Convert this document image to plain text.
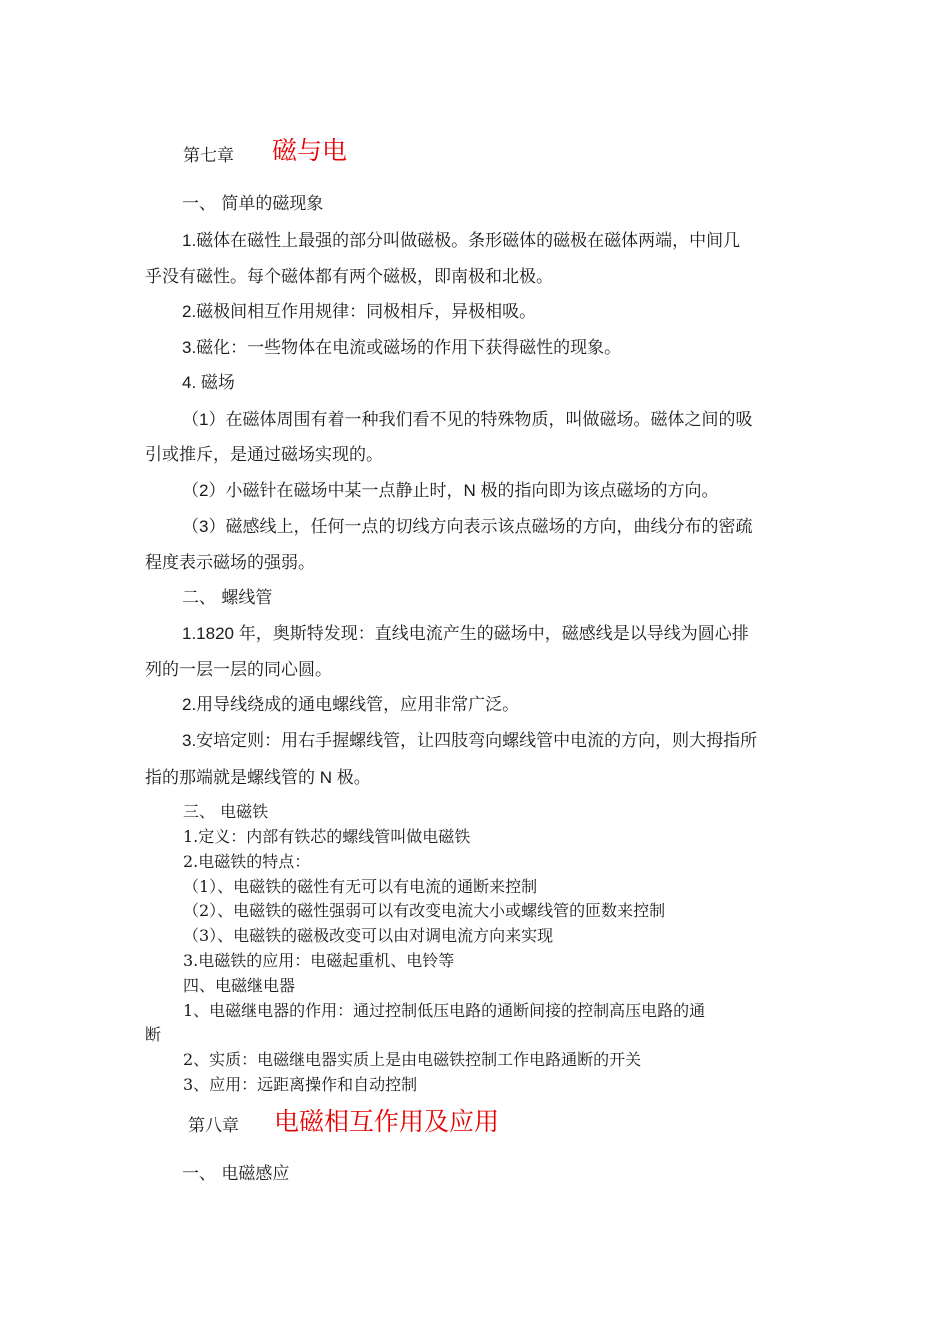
第七章 磁与电
一、 简单的磁现象
1.磁体在磁性上最强的部分叫做磁极。条形磁体的磁极在磁体两端，中间几
乎没有磁性。每个磁体都有两个磁极，即南极和北极。
2.磁极间相互作用规律：同极相斥，异极相吸。
3.磁化：一些物体在电流或磁场的作用下获得磁性的现象。
4. 磁场
（1）在磁体周围有着一种我们看不见的特殊物质，叫做磁场。磁体之间的吸
引或推斥，是通过磁场实现的。
（2）小磁针在磁场中某一点静止时，N 极的指向即为该点磁场的方向。
（3）磁感线上，任何一点的切线方向表示该点磁场的方向，曲线分布的密疏
程度表示磁场的强弱。
二、 螺线管
1.1820 年，奥斯特发现：直线电流产生的磁场中，磁感线是以导线为圆心排
列的一层一层的同心圆。
2.用导线绕成的通电螺线管，应用非常广泛。
3.安培定则：用右手握螺线管，让四肢弯向螺线管中电流的方向，则大拇指所
指的那端就是螺线管的 N 极。
三、 电磁铁
1.定义：内部有铁芯的螺线管叫做电磁铁
2.电磁铁的特点：
（1）、电磁铁的磁性有无可以有电流的通断来控制
（2）、电磁铁的磁性强弱可以有改变电流大小或螺线管的匝数来控制
（3）、电磁铁的磁极改变可以由对调电流方向来实现
3.电磁铁的应用：电磁起重机、电铃等
四、电磁继电器
1、电磁继电器的作用：通过控制低压电路的通断间接的控制高压电路的通
断
2、实质：电磁继电器实质上是由电磁铁控制工作电路通断的开关
3、应用：远距离操作和自动控制
第八章 电磁相互作用及应用
一、 电磁感应
